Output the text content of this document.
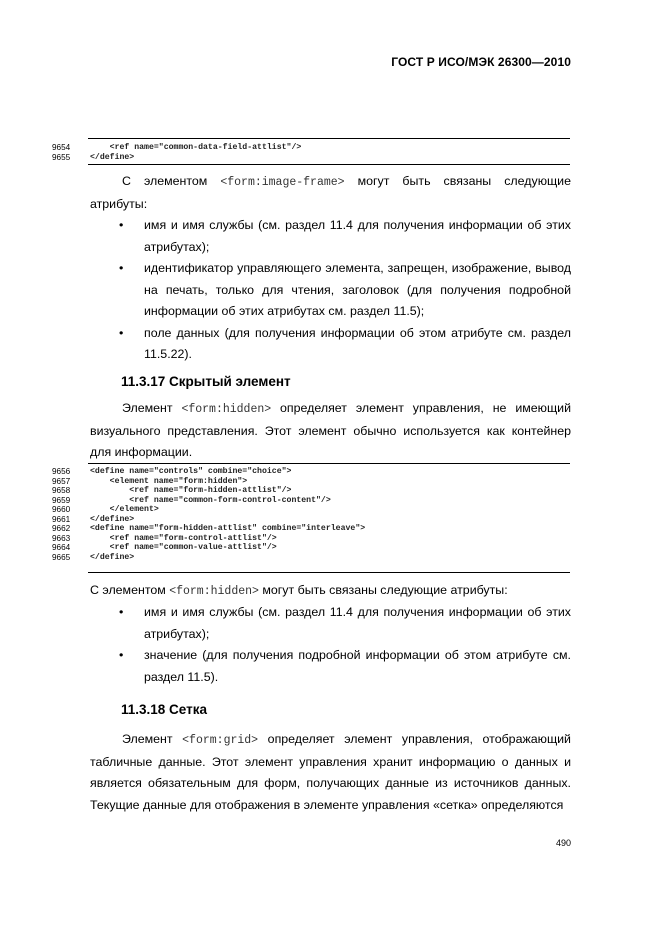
ГОСТ Р ИСО/МЭК 26300—2010
9654	<ref name="common-data-field-attlist"/>
9655	</define>
С элементом <form:image-frame> могут быть связаны следующие атрибуты:

• имя и имя службы (см. раздел 11.4 для получения информации об этих атрибутах);

• идентификатор управляющего элемента, запрещен, изображение, вывод на печать, только для чтения, заголовок (для получения подробной информации об этих атрибутах см. раздел 11.5);

• поле данных (для получения информации об этом атрибуте см. раздел 11.5.22).

11.3.17 Скрытый элемент
Элемент <form:hidden> определяет элемент управления, не имеющий визуального представления. Этот элемент обычно используется как контейнер для информации.
9656	<define name="controls" combine="choice">
9657	<element name="form:hidden">
9658	<ref name="form-hidden-attlist"/>
9659	<ref name="common-form-control-content"/>
9660	</element>
9661	</define>
9662	<define name="form-hidden-attlist" combine="interleave">
9663	<ref name="form-control-attlist"/>
9664	<ref name="common-value-attlist"/>
9665	</define>
С элементом <form:hidden> могут быть связаны следующие атрибуты:

• имя и имя службы (см. раздел 11.4 для получения информации об этих атрибутах);

• значение (для получения подробной информации об этом атрибуте см. раздел 11.5).

11.3.18 Сетка
Элемент <form:grid> определяет элемент управления, отображающий табличные данные. Этот элемент управления хранит информацию о данных и является обязательным для форм, получающих данные из источников данных. Текущие данные для отображения в элементе управления «сетка» определяются
490
